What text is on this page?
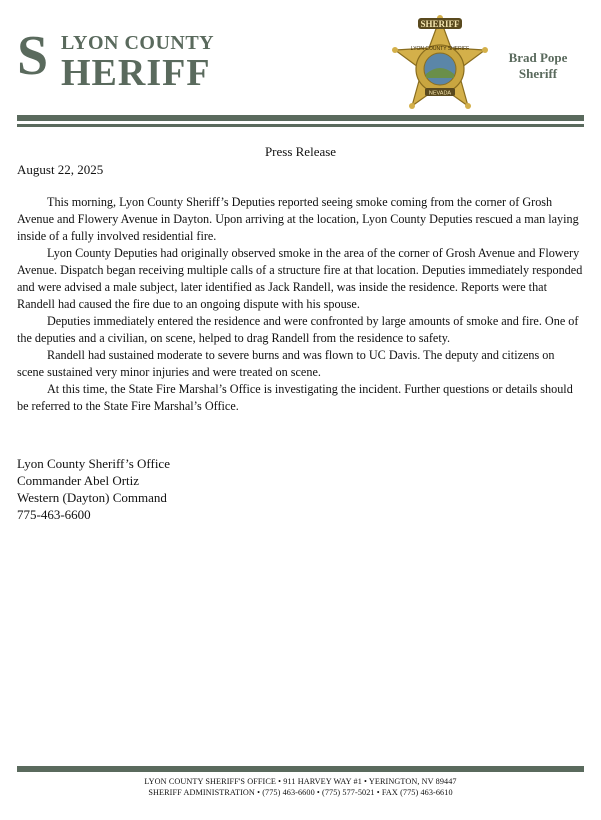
S LYON COUNTY
HERIFF
SHERIFF
LYON COUNTY SHERIFF
NEVADA
Brad Pope
Sheriff
Press Release
August 22, 2025

This morning, Lyon County Sheriff’s Deputies reported seeing smoke coming from the corner of Grosh Avenue and Flowery Avenue in Dayton. Upon arriving at the location, Lyon County Deputies rescued a man laying inside of a fully involved residential fire.

Lyon County Deputies had originally observed smoke in the area of the corner of Grosh Avenue and Flowery Avenue. Dispatch began receiving multiple calls of a structure fire at that location. Deputies immediately responded and were advised a male subject, later identified as Jack Randell, was inside the residence. Reports were that Randell had caused the fire due to an ongoing dispute with his spouse.

Deputies immediately entered the residence and were confronted by large amounts of smoke and fire. One of the deputies and a civilian, on scene, helped to drag Randell from the residence to safety.

Randell had sustained moderate to severe burns and was flown to UC Davis. The deputy and citizens on scene sustained very minor injuries and were treated on scene.

At this time, the State Fire Marshal’s Office is investigating the incident. Further questions or details should be referred to the State Fire Marshal’s Office.

Lyon County Sheriff’s Office
Commander Abel Ortiz
Western (Dayton) Command
775-463-6600
LYON COUNTY SHERIFF'S OFFICE • 911 HARVEY WAY #1 • YERINGTON, NV 89447
SHERIFF ADMINISTRATION • (775) 463-6600 • (775) 577-5021 • FAX (775) 463-6610
